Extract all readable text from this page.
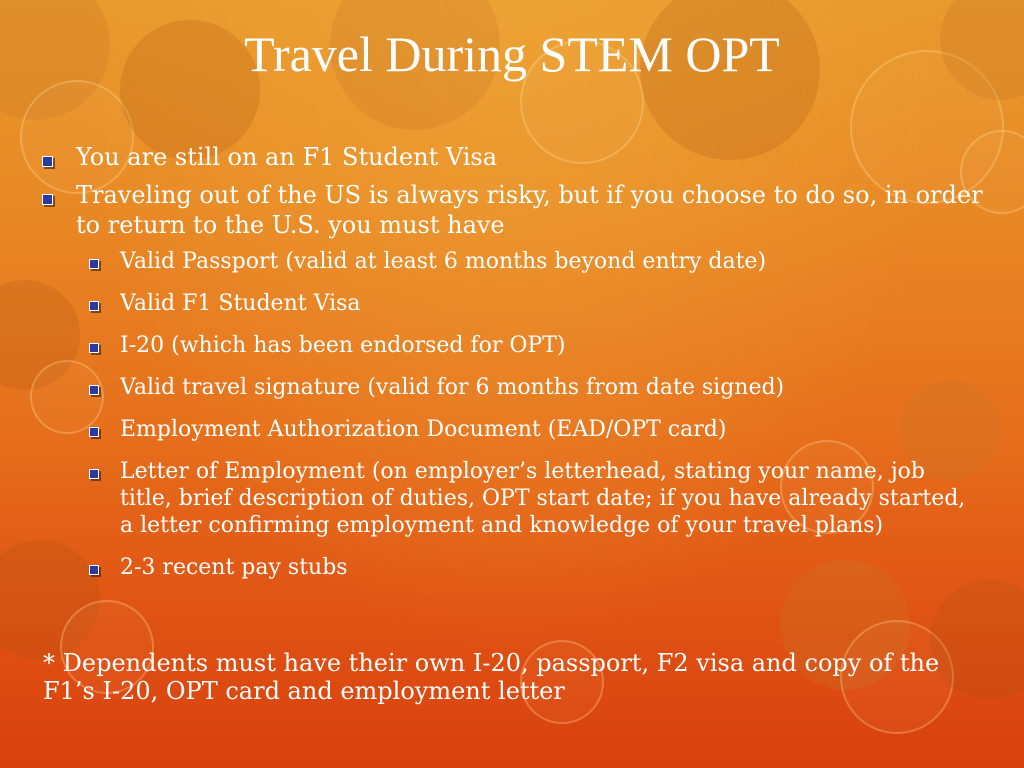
Travel During STEM OPT
You are still on an F1 Student Visa
Traveling out of the US is always risky, but if you choose to do so, in order to return to the U.S. you must have
Valid Passport (valid at least 6 months beyond entry date)
Valid F1 Student Visa
I-20 (which has been endorsed for OPT)
Valid travel signature (valid for 6 months from date signed)
Employment Authorization Document (EAD/OPT card)
Letter of Employment (on employer’s letterhead, stating your name, job title, brief description of duties, OPT start date; if you have already started, a letter confirming employment and knowledge of your travel plans)
2-3 recent pay stubs
* Dependents must have their own I-20, passport, F2 visa and copy of the F1’s I-20, OPT card and employment letter
